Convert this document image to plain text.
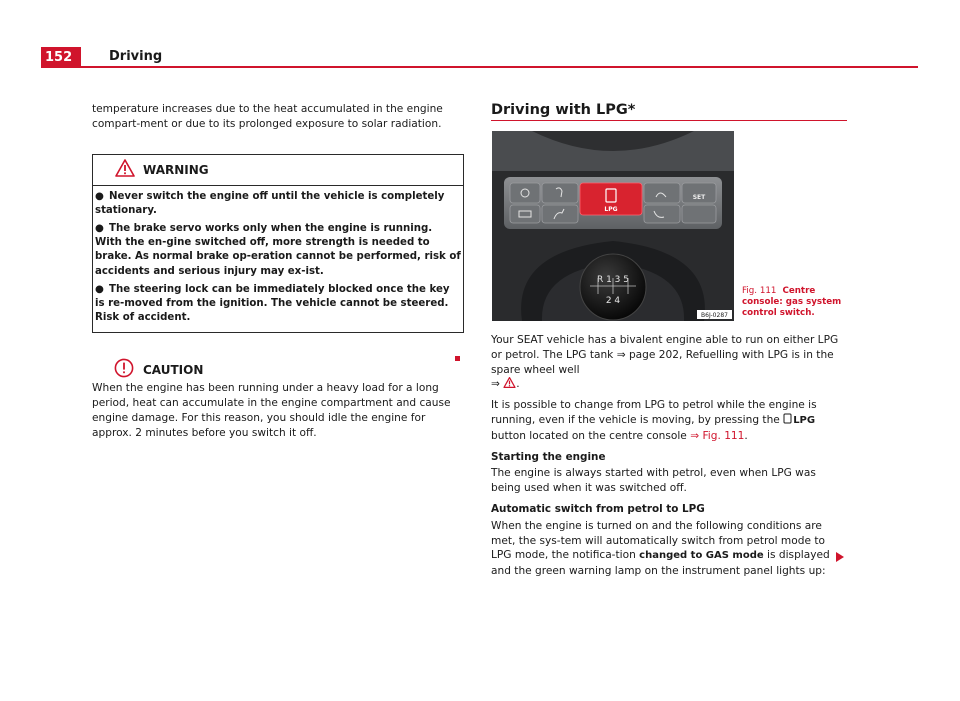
152	Driving

temperature increases due to the heat accumulated in the engine compart-ment or due to its prolonged exposure to solar radiation.

WARNING

● Never switch the engine off until the vehicle is completely stationary.

● The brake servo works only when the engine is running. With the en-gine switched off, more strength is needed to brake. As normal brake op-eration cannot be performed, risk of accidents and serious injury may ex-ist.

● The steering lock can be immediately blocked once the key is re-moved from the ignition. The vehicle cannot be steered. Risk of accident.

CAUTION

When the engine has been running under a heavy load for a long period, heat can accumulate in the engine compartment and cause engine damage. For this reason, you should idle the engine for approx. 2 minutes before you switch it off.

Driving with LPG*
LPG
SET
R 1 3 5
2 4
B6J-0287
Fig. 111 Centre console: gas system control switch.

Your SEAT vehicle has a bivalent engine able to run on either LPG or petrol. The LPG tank ⇒ page 202, Refuelling with LPG is in the spare wheel well
⇒ .

It is possible to change from LPG to petrol while the engine is running, even if the vehicle is moving, by pressing the LPG button located on the centre console ⇒ Fig. 111.

Starting the engine

The engine is always started with petrol, even when LPG was being used when it was switched off.

Automatic switch from petrol to LPG

When the engine is turned on and the following conditions are met, the sys-tem will automatically switch from petrol mode to LPG mode, the notifica-tion changed to GAS mode is displayed and the green warning lamp on the instrument panel lights up:
